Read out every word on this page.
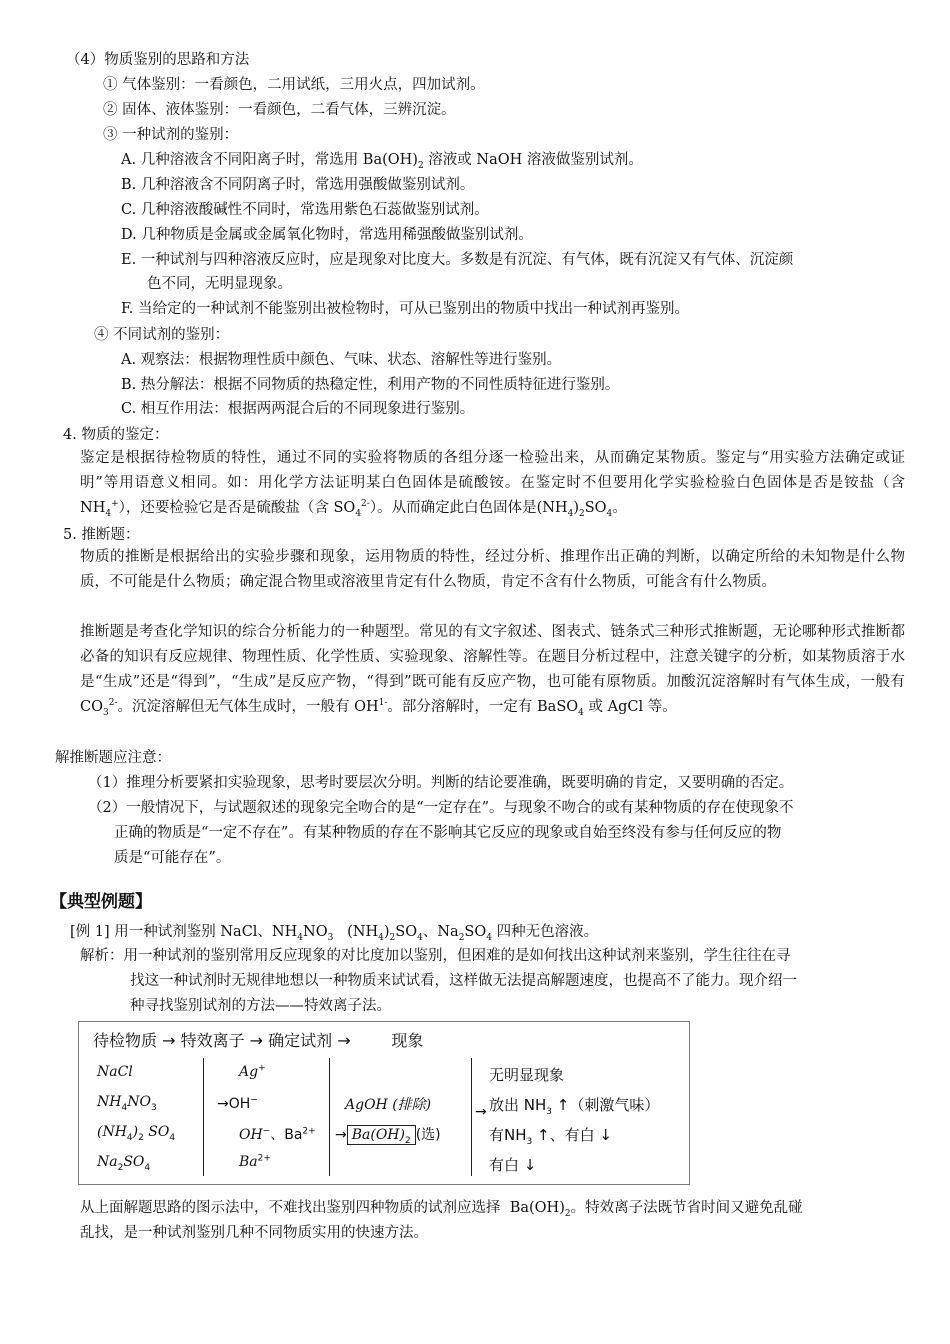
（4）物质鉴别的思路和方法
① 气体鉴别：一看颜色，二用试纸，三用火点，四加试剂。
② 固体、液体鉴别：一看颜色，二看气体，三辨沉淀。
③ 一种试剂的鉴别：
A. 几种溶液含不同阳离子时，常选用 $Ba(OH)_2$ 溶液或 NaOH 溶液做鉴别试剂。
B. 几种溶液含不同阴离子时，常选用强酸做鉴别试剂。
C. 几种溶液酸碱性不同时，常选用紫色石蕊做鉴别试剂。
D. 几种物质是金属或金属氧化物时，常选用稀强酸做鉴别试剂。
E. 一种试剂与四种溶液反应时，应是现象对比度大。多数是有沉淀、有气体，既有沉淀又有气体、沉淀颜
色不同，无明显现象。
F. 当给定的一种试剂不能鉴别出被检物时，可从已鉴别出的物质中找出一种试剂再鉴别。
④ 不同试剂的鉴别：
A. 观察法：根据物理性质中颜色、气味、状态、溶解性等进行鉴别。
B. 热分解法：根据不同物质的热稳定性，利用产物的不同性质特征进行鉴别。
C. 相互作用法：根据两两混合后的不同现象进行鉴别。
4. 物质的鉴定：
鉴定是根据待检物质的特性，通过不同的实验将物质的各组分逐一检验出来，从而确定某物质。鉴定与“用实验方法确定或证明”等用语意义相同。如：用化学方法证明某白色固体是硫酸铵。在鉴定时不但要用化学实验检验白色固体是否是铵盐（含 $NH_4^+$），还要检验它是否是硫酸盐（含 $SO_4^{2-}$）。从而确定此白色固体是$(NH_4)_2SO_4$。
5. 推断题：
物质的推断是根据给出的实验步骤和现象，运用物质的特性，经过分析、推理作出正确的判断，以确定所给的未知物是什么物质，不可能是什么物质；确定混合物里或溶液里肯定有什么物质，肯定不含有什么物质，可能含有什么物质。
推断题是考查化学知识的综合分析能力的一种题型。常见的有文字叙述、图表式、链条式三种形式推断题，无论哪种形式推断都必备的知识有反应规律、物理性质、化学性质、实验现象、溶解性等。在题目分析过程中，注意关键字的分析，如某物质溶于水是“生成”还是“得到”，“生成”是反应产物，“得到”既可能有反应产物，也可能有原物质。加酸沉淀溶解时有气体生成，一般有 $CO_3^{2-}$。沉淀溶解但无气体生成时，一般有 $OH^{1-}$。部分溶解时，一定有 BaSO$_4$ 或 AgCl 等。
解推断题应注意：
（1）推理分析要紧扣实验现象，思考时要层次分明。判断的结论要准确，既要明确的肯定，又要明确的否定。
（2）一般情况下，与试题叙述的现象完全吻合的是“一定存在”。与现象不吻合的或有某种物质的存在使现象不
正确的物质是“一定不存在”。有某种物质的存在不影响其它反应的现象或自始至终没有参与任何反应的物
质是“可能存在”。
【典型例题】
[例 1] 用一种试剂鉴别 NaCl、$NH_4NO_3$   $(NH_4)_2SO_4$、$Na_2SO_4$ 四种无色溶液。
解析：用一种试剂的鉴别常用反应现象的对比度加以鉴别，但困难的是如何找出这种试剂来鉴别，学生往往在寻
找这一种试剂时无规律地想以一种物质来试试看，这样做无法提高解题速度，也提高不了能力。现介绍一
种寻找鉴别试剂的方法——特效离子法。
待检物质 → 特效离子 → 确定试剂 →        现象
NaCl
$NH_4NO_3$
$(NH_4)_2$ $SO_4$
$Na_2SO_4$
Ag+
→OH−
OH−、$Ba^{2+}$
$Ba^{2+}$
AgOH (排除)
→ $Ba(OH)_2$ (选)
无明显现象
→ 放出 $NH_3$ ↑（刺激气味）
有$NH_3$ ↑、有白 ↓
有白 ↓
从上面解题思路的图示法中，不难找出鉴别四种物质的试剂应选择  $Ba(OH)_2$。特效离子法既节省时间又避免乱碰
乱找，是一种试剂鉴别几种不同物质实用的快速方法。
